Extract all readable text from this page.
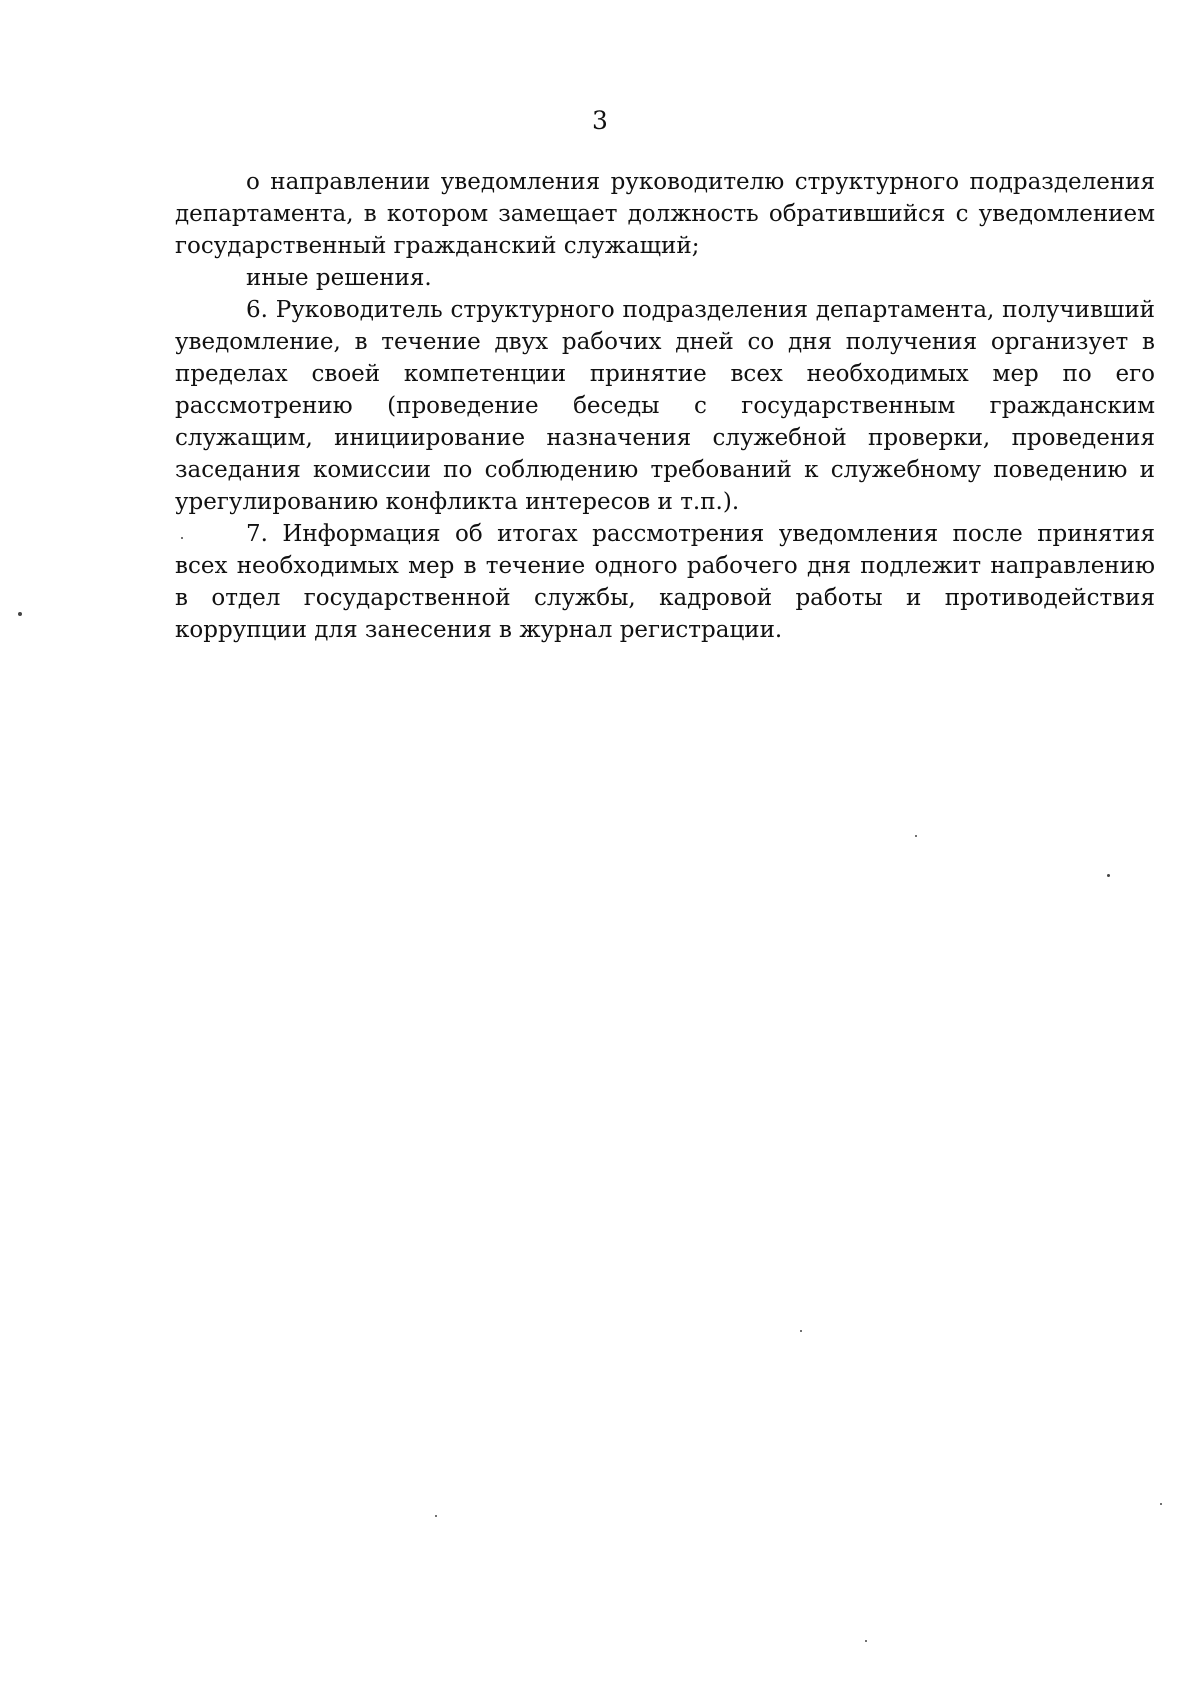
3

о направлении уведомления руководителю структурного подразделения департамента, в котором замещает должность обратившийся с уведомлением государственный гражданский служащий;

иные решения.

6. Руководитель структурного подразделения департамента, получивший уведомление, в течение двух рабочих дней со дня получения организует в пределах своей компетенции принятие всех необходимых мер по его рассмотрению (проведение беседы с государственным гражданским служащим, инициирование назначения служебной проверки, проведения заседания комиссии по соблюдению требований к служебному поведению и урегулированию конфликта интересов и т.п.).

7. Информация об итогах рассмотрения уведомления после принятия всех необходимых мер в течение одного рабочего дня подлежит направлению в отдел государственной службы, кадровой работы и противодействия коррупции для занесения в журнал регистрации.
